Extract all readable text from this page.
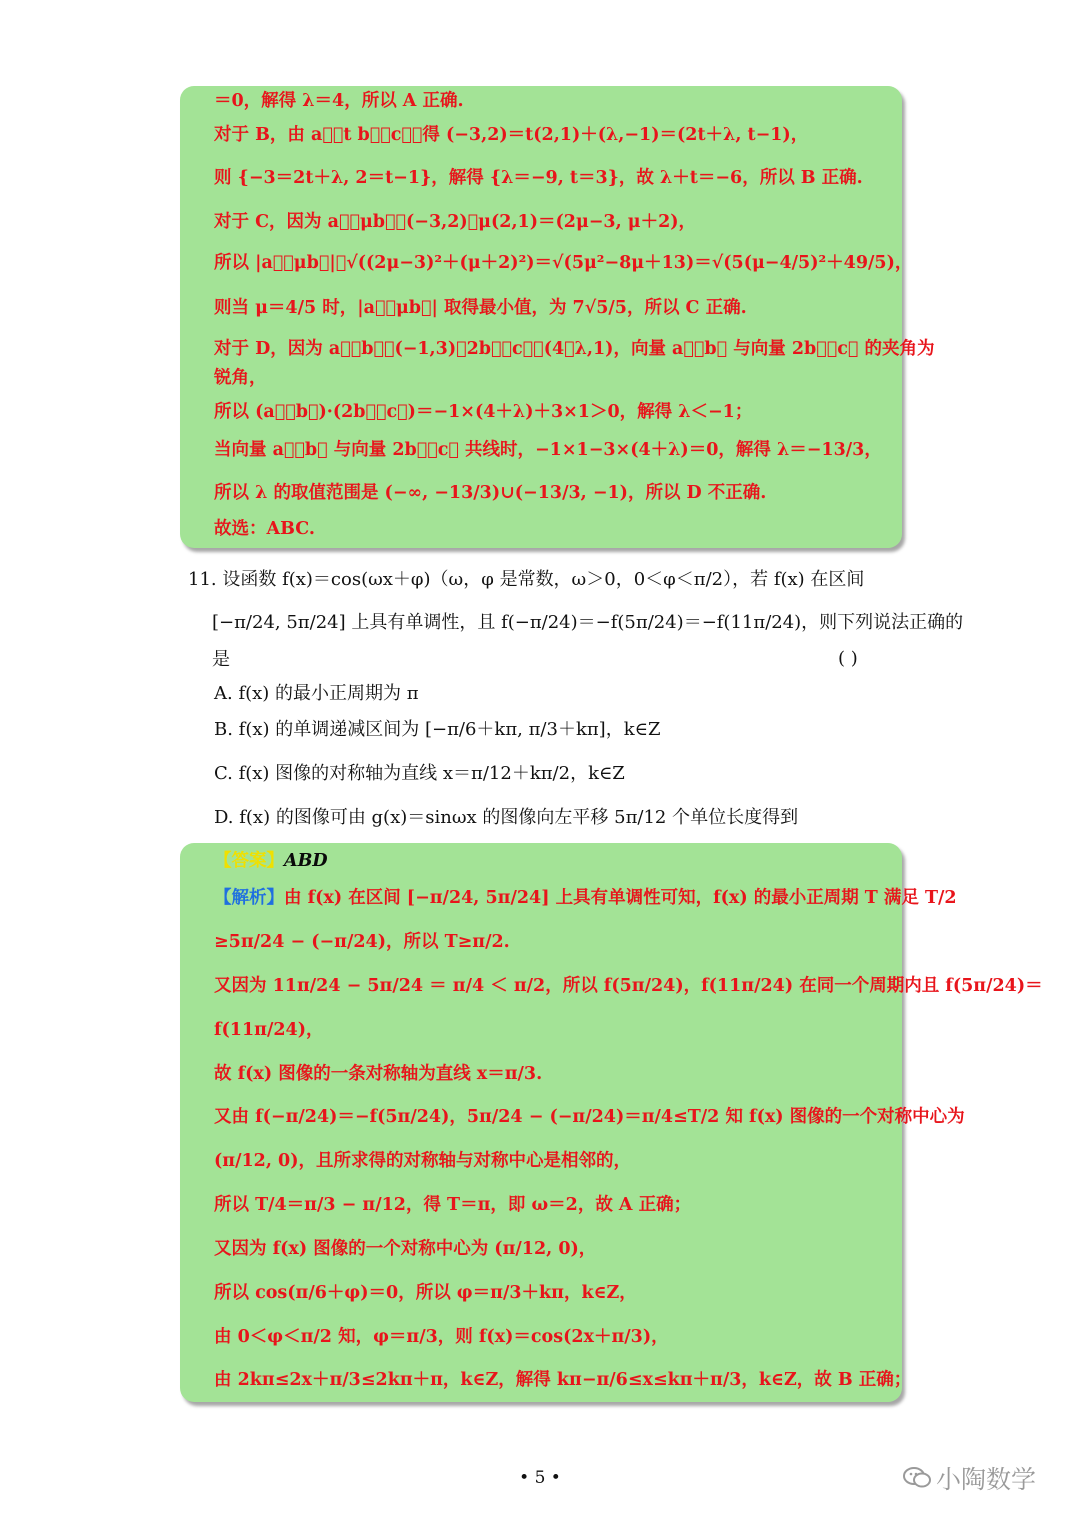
＝0，解得 λ＝4，所以 A 正确.
对于 B，由 a⃗＝t b⃗＋c⃗，得 (−3,2)＝t(2,1)＋(λ,−1)＝(2t＋λ, t−1)，
则 {−3＝2t＋λ, 2＝t−1}，解得 {λ＝−9, t＝3}，故 λ＋t＝−6，所以 B 正确.
对于 C，因为 a⃗＋μb⃗＝(−3,2)＋μ(2,1)＝(2μ−3, μ＋2)，
所以 |a⃗＋μb⃗|＝√((2μ−3)²＋(μ＋2)²)＝√(5μ²−8μ＋13)＝√(5(μ−4/5)²＋49/5)，
则当 μ＝4/5 时，|a⃗＋μb⃗| 取得最小值，为 7√5/5，所以 C 正确.
对于 D，因为 a⃗＋b⃗＝(−1,3)，2b⃗＋c⃗＝(4＋λ,1)，向量 a⃗＋b⃗ 与向量 2b⃗＋c⃗ 的夹角为
锐角，
所以 (a⃗＋b⃗)·(2b⃗＋c⃗)＝−1×(4＋λ)＋3×1＞0，解得 λ＜−1；
当向量 a⃗＋b⃗ 与向量 2b⃗＋c⃗ 共线时，−1×1−3×(4＋λ)＝0，解得 λ＝−13/3，
所以 λ 的取值范围是 (−∞, −13/3)∪(−13/3, −1)，所以 D 不正确.
故选：ABC.
11. 设函数 f(x)＝cos(ωx＋φ)（ω，φ 是常数，ω＞0，0＜φ＜π/2），若 f(x) 在区间
[−π/24, 5π/24] 上具有单调性，且 f(−π/24)＝−f(5π/24)＝−f(11π/24)，则下列说法正确的
是	( )
A. f(x) 的最小正周期为 π
B. f(x) 的单调递减区间为 [−π/6＋kπ, π/3＋kπ]，k∈Z
C. f(x) 图像的对称轴为直线 x＝π/12＋kπ/2，k∈Z
D. f(x) 的图像可由 g(x)＝sinωx 的图像向左平移 5π/12 个单位长度得到
【答案】ABD
【解析】由 f(x) 在区间 [−π/24, 5π/24] 上具有单调性可知，f(x) 的最小正周期 T 满足 T/2
≥5π/24 − (−π/24)，所以 T≥π/2.
又因为 11π/24 − 5π/24 ＝ π/4 ＜ π/2，所以 f(5π/24)，f(11π/24) 在同一个周期内且 f(5π/24)＝
f(11π/24)，
故 f(x) 图像的一条对称轴为直线 x＝π/3.
又由 f(−π/24)＝−f(5π/24)，5π/24 − (−π/24)＝π/4≤T/2 知 f(x) 图像的一个对称中心为
(π/12, 0)，且所求得的对称轴与对称中心是相邻的，
所以 T/4＝π/3 − π/12，得 T＝π，即 ω＝2，故 A 正确；
又因为 f(x) 图像的一个对称中心为 (π/12, 0)，
所以 cos(π/6＋φ)＝0，所以 φ＝π/3＋kπ，k∈Z，
由 0＜φ＜π/2 知，φ＝π/3，则 f(x)＝cos(2x＋π/3)，
由 2kπ≤2x＋π/3≤2kπ＋π，k∈Z，解得 kπ−π/6≤x≤kπ＋π/3，k∈Z，故 B 正确；
• 5 •	小陶数学
